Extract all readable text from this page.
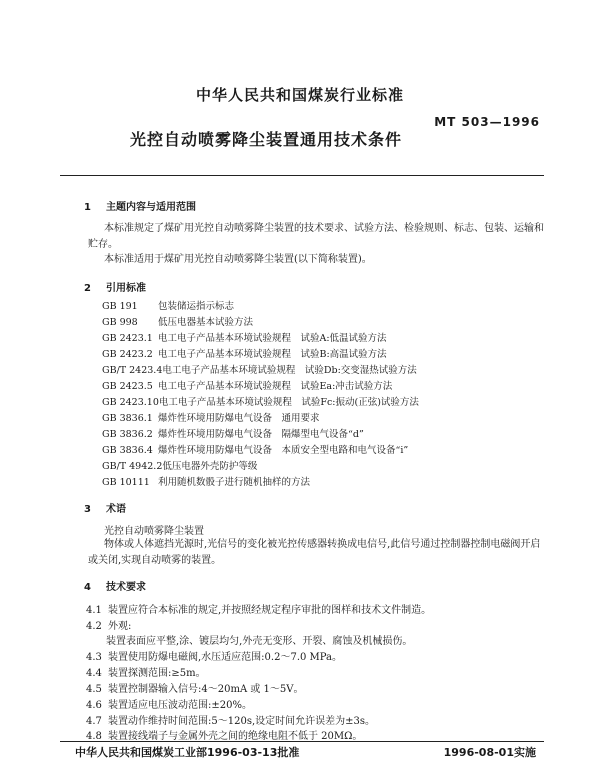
中华人民共和国煤炭行业标准
MT 503—1996
光控自动喷雾降尘装置通用技术条件
1 主题内容与适用范围
本标准规定了煤矿用光控自动喷雾降尘装置的技术要求、试验方法、检验规则、标志、包装、运输和贮存。
本标准适用于煤矿用光控自动喷雾降尘装置(以下简称装置)。
2 引用标准
GB 191 包装储运指示标志
GB 998 低压电器基本试验方法
GB 2423.1 电工电子产品基本环境试验规程　试验A:低温试验方法
GB 2423.2 电工电子产品基本环境试验规程　试验B:高温试验方法
GB/T 2423.4电工电子产品基本环境试验规程　试验Db:交变湿热试验方法
GB 2423.5 电工电子产品基本环境试验规程　试验Ea:冲击试验方法
GB 2423.10电工电子产品基本环境试验规程　试验Fc:振动(正弦)试验方法
GB 3836.1 爆炸性环境用防爆电气设备　通用要求
GB 3836.2 爆炸性环境用防爆电气设备　隔爆型电气设备“d”
GB 3836.4 爆炸性环境用防爆电气设备　本质安全型电路和电气设备“i”
GB/T 4942.2低压电器外壳防护等级
GB 10111 利用随机数骰子进行随机抽样的方法
3 术语
光控自动喷雾降尘装置
物体或人体遮挡光源时,光信号的变化被光控传感器转换成电信号,此信号通过控制器控制电磁阀开启或关闭,实现自动喷雾的装置。
4 技术要求
4.1 装置应符合本标准的规定,并按照经规定程序审批的图样和技术文件制造。
4.2 外观:
装置表面应平整,涂、镀层均匀,外壳无变形、开裂、腐蚀及机械损伤。
4.3 装置使用防爆电磁阀,水压适应范围:0.2～7.0 MPa。
4.4 装置探测范围:≥5m。
4.5 装置控制器输入信号:4～20mA 或 1～5V。
4.6 装置适应电压波动范围:±20%。
4.7 装置动作维持时间范围:5～120s,设定时间允许误差为±3s。
4.8 装置接线端子与金属外壳之间的绝缘电阻不低于 20MΩ。
中华人民共和国煤炭工业部1996-03-13批准	1996-08-01实施
